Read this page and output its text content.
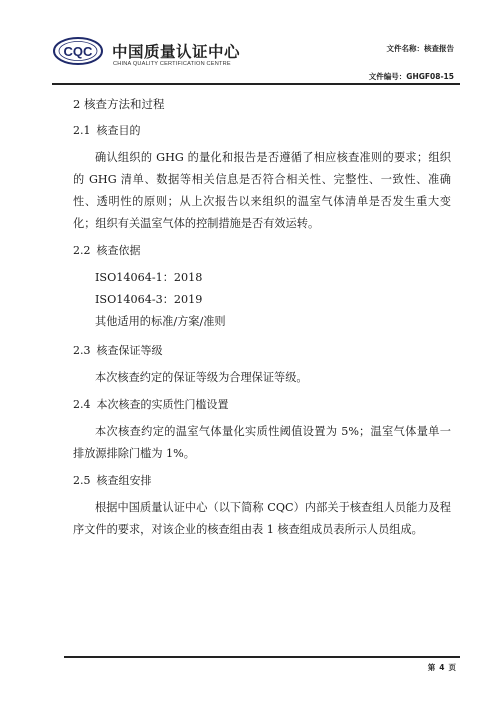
CQC 中国质量认证中心
CHINA QUALITY CERTIFICATION CENTRE
文件名称：核查报告
文件编号：GHGF08-15
2 核查方法和过程
2.1 核查目的

确认组织的 GHG 的量化和报告是否遵循了相应核查准则的要求；组织的 GHG 清单、数据等相关信息是否符合相关性、完整性、一致性、准确性、透明性的原则；从上次报告以来组织的温室气体清单是否发生重大变化；组织有关温室气体的控制措施是否有效运转。

2.2 核查依据
ISO14064-1：2018
ISO14064-3：2019
其他适用的标准/方案/准则
2.3 核查保证等级

本次核查约定的保证等级为合理保证等级。

2.4 本次核查的实质性门槛设置

本次核查约定的温室气体量化实质性阈值设置为 5%；温室气体量单一排放源排除门槛为 1%。

2.5 核查组安排

根据中国质量认证中心（以下简称 CQC）内部关于核查组人员能力及程序文件的要求，对该企业的核查组由表 1 核查组成员表所示人员组成。

第 4 页
